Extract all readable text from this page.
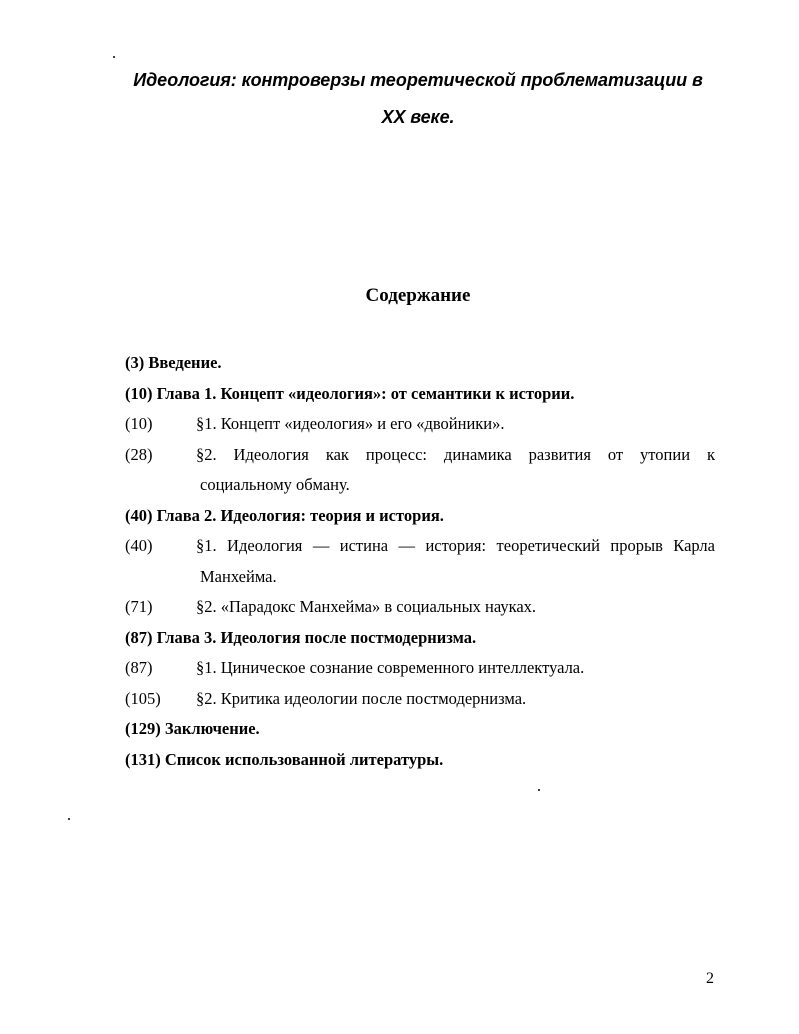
Идеология: контроверзы теоретической проблематизации в
XX веке.
Содержание
(3) Введение.
(10) Глава 1. Концепт «идеология»: от семантики к истории.
(10)	§1. Концепт «идеология» и его «двойники».
(28)	§2. Идеология как процесс: динамика развития от утопии к
социальному обману.
(40) Глава 2. Идеология: теория и история.
(40)	§1. Идеология — истина — история: теоретический прорыв Карла
Манхейма.
(71)	§2. «Парадокс Манхейма» в социальных науках.
(87) Глава 3. Идеология после постмодернизма.
(87)	§1. Циническое сознание современного интеллектуала.
(105)	§2. Критика идеологии после постмодернизма.
(129) Заключение.
(131) Список использованной литературы.
2
